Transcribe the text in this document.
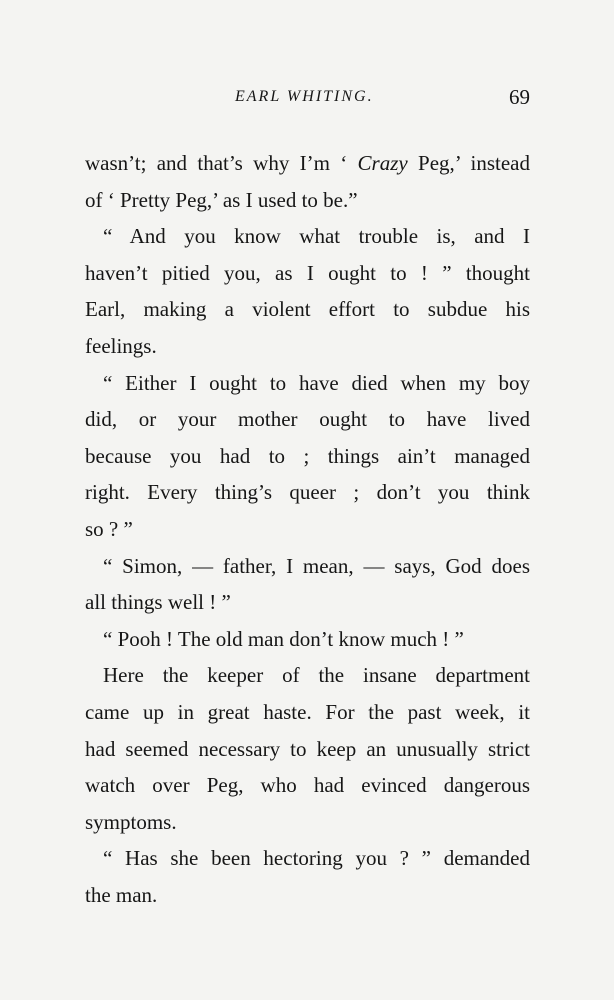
EARL WHITING.	69
wasn’t; and that’s why I’m ‘ Crazy Peg,’ instead
of ‘ Pretty Peg,’ as I used to be.”
“ And you know what trouble is, and I
haven’t pitied you, as I ought to ! ” thought
Earl, making a violent effort to subdue his
feelings.
“ Either I ought to have died when my boy
did, or your mother ought to have lived
because you had to ; things ain’t managed
right. Every thing’s queer ; don’t you think
so ? ”
“ Simon, — father, I mean, — says, God does
all things well ! ”
“ Pooh ! The old man don’t know much ! ”
Here the keeper of the insane department
came up in great haste. For the past week, it
had seemed necessary to keep an unusually strict
watch over Peg, who had evinced dangerous
symptoms.
“ Has she been hectoring you ? ” demanded
the man.
